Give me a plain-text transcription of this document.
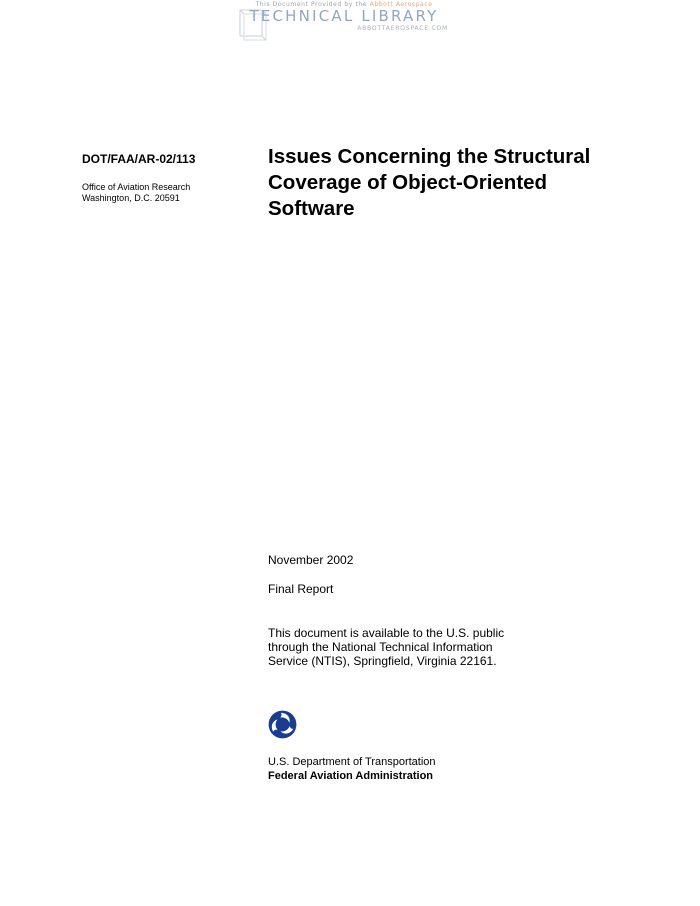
This Document Provided by the Abbott Aerospace
TECHNICAL LIBRARY
ABBOTTAEROSPACE.COM
DOT/FAA/AR-02/113
Office of Aviation Research
Washington, D.C. 20591
Issues Concerning the Structural
Coverage of Object-Oriented
Software
November 2002
Final Report
This document is available to the U.S. public
through the National Technical Information
Service (NTIS), Springfield, Virginia 22161.
U.S. Department of Transportation
Federal Aviation Administration
